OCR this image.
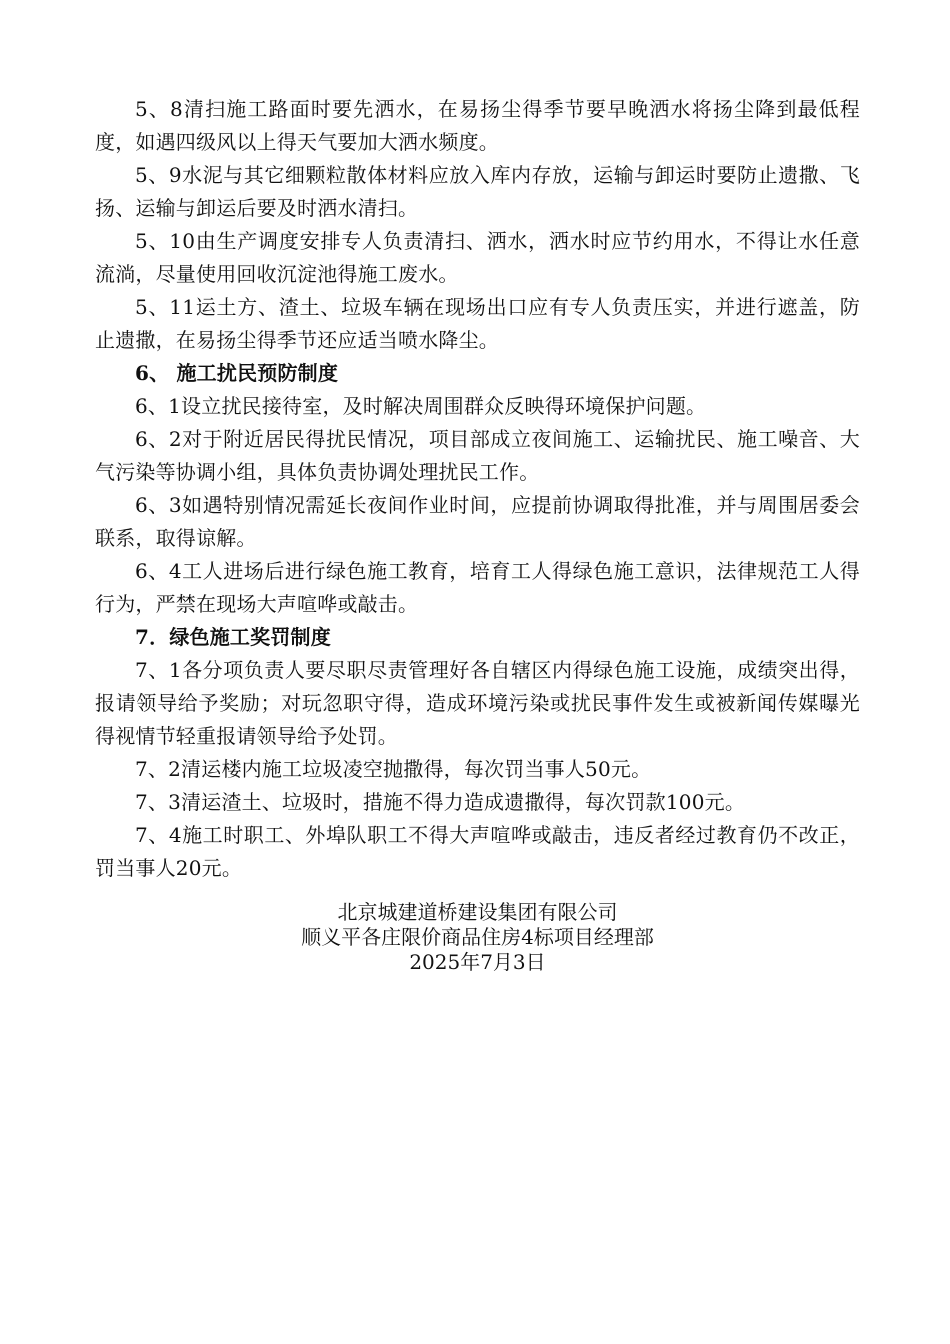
5、8清扫施工路面时要先洒水，在易扬尘得季节要早晚洒水将扬尘降到最低程度，如遇四级风以上得天气要加大洒水频度。

5、9水泥与其它细颗粒散体材料应放入库内存放，运输与卸运时要防止遗撒、飞扬、运输与卸运后要及时洒水清扫。

5、10由生产调度安排专人负责清扫、洒水，洒水时应节约用水，不得让水任意流淌，尽量使用回收沉淀池得施工废水。

5、11运土方、渣土、垃圾车辆在现场出口应有专人负责压实，并进行遮盖，防止遗撒，在易扬尘得季节还应适当喷水降尘。

6、 施工扰民预防制度

6、1设立扰民接待室，及时解决周围群众反映得环境保护问题。

6、2对于附近居民得扰民情况，项目部成立夜间施工、运输扰民、施工噪音、大气污染等协调小组，具体负责协调处理扰民工作。

6、3如遇特别情况需延长夜间作业时间，应提前协调取得批准，并与周围居委会联系，取得谅解。

6、4工人进场后进行绿色施工教育，培育工人得绿色施工意识，法律规范工人得行为，严禁在现场大声喧哗或敲击。

7．绿色施工奖罚制度

7、1各分项负责人要尽职尽责管理好各自辖区内得绿色施工设施，成绩突出得，报请领导给予奖励；对玩忽职守得，造成环境污染或扰民事件发生或被新闻传媒曝光得视情节轻重报请领导给予处罚。

7、2清运楼内施工垃圾凌空抛撒得，每次罚当事人50元。

7、3清运渣土、垃圾时，措施不得力造成遗撒得，每次罚款100元。

7、4施工时职工、外埠队职工不得大声喧哗或敲击，违反者经过教育仍不改正，罚当事人20元。

北京城建道桥建设集团有限公司
顺义平各庄限价商品住房4标项目经理部
2025年7月3日
